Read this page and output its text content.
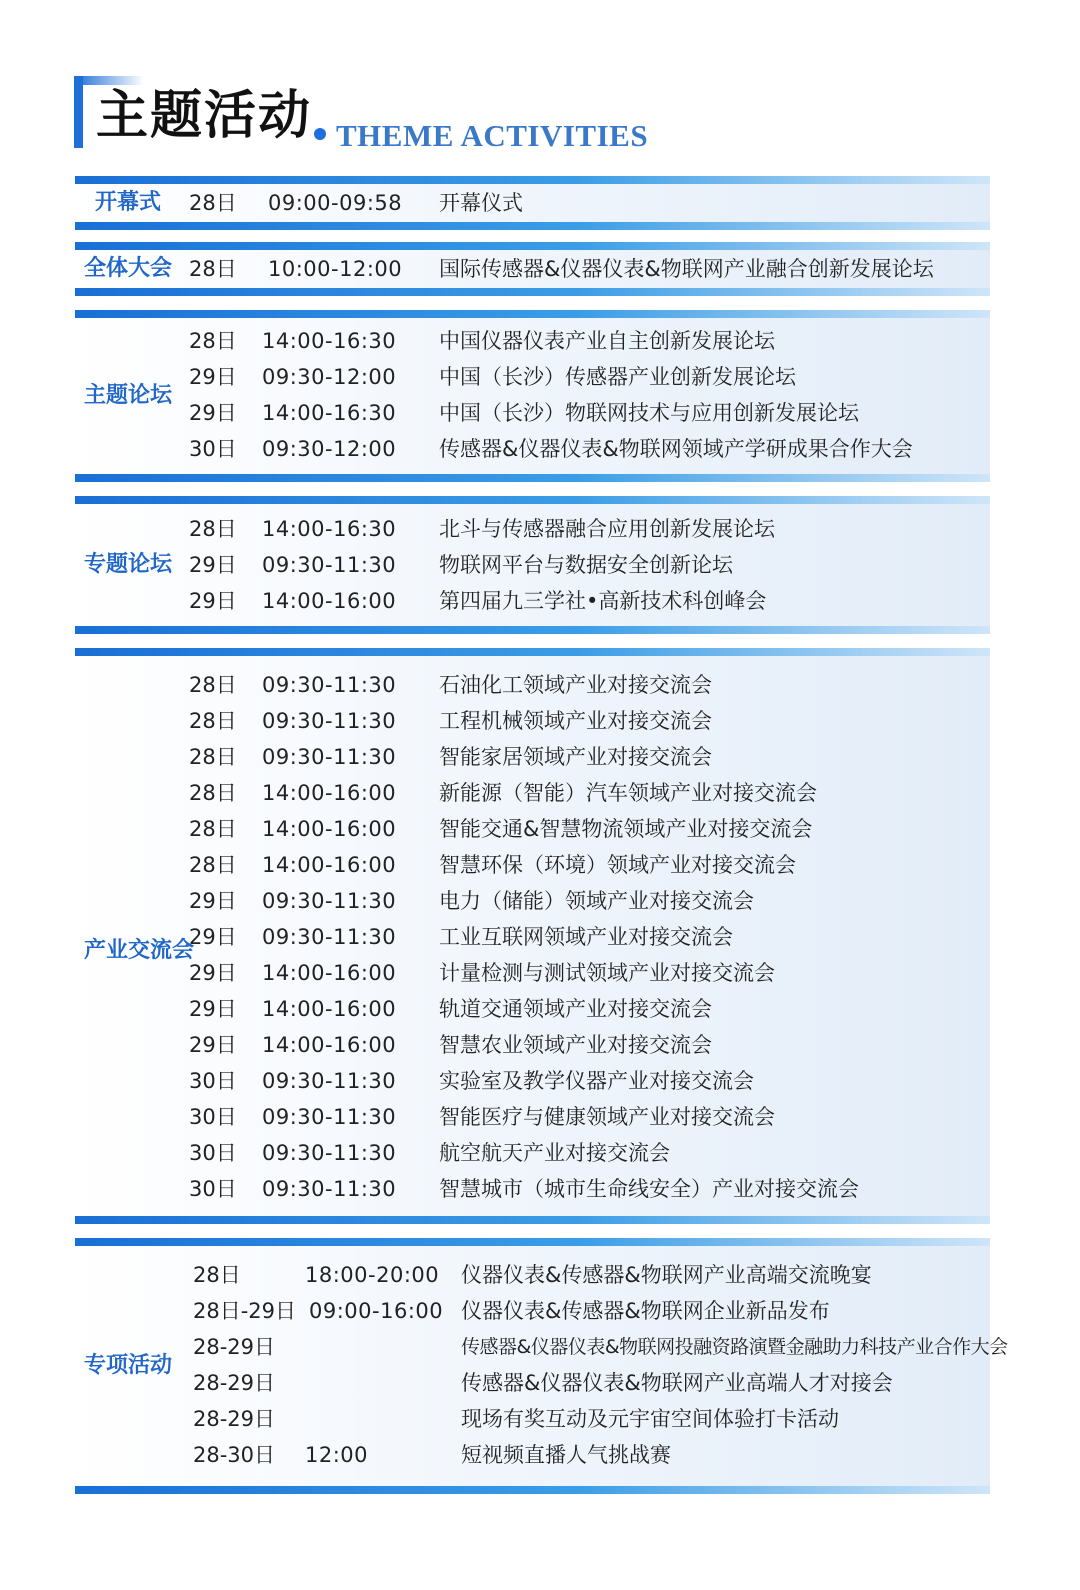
主题活动 THEME ACTIVITIES
开幕式 28日 09:00-09:58 开幕仪式
全体大会 28日 10:00-12:00 国际传感器&仪器仪表&物联网产业融合创新发展论坛
主题论坛
28日 14:00-16:30 中国仪器仪表产业自主创新发展论坛
29日 09:30-12:00 中国（长沙）传感器产业创新发展论坛
29日 14:00-16:30 中国（长沙）物联网技术与应用创新发展论坛
30日 09:30-12:00 传感器&仪器仪表&物联网领域产学研成果合作大会
专题论坛
28日 14:00-16:30 北斗与传感器融合应用创新发展论坛
29日 09:30-11:30 物联网平台与数据安全创新论坛
29日 14:00-16:00 第四届九三学社•高新技术科创峰会
产业交流会
28日 09:30-11:30 石油化工领域产业对接交流会
28日 09:30-11:30 工程机械领域产业对接交流会
28日 09:30-11:30 智能家居领域产业对接交流会
28日 14:00-16:00 新能源（智能）汽车领域产业对接交流会
28日 14:00-16:00 智能交通&智慧物流领域产业对接交流会
28日 14:00-16:00 智慧环保（环境）领域产业对接交流会
29日 09:30-11:30 电力（储能）领域产业对接交流会
29日 09:30-11:30 工业互联网领域产业对接交流会
29日 14:00-16:00 计量检测与测试领域产业对接交流会
29日 14:00-16:00 轨道交通领域产业对接交流会
29日 14:00-16:00 智慧农业领域产业对接交流会
30日 09:30-11:30 实验室及教学仪器产业对接交流会
30日 09:30-11:30 智能医疗与健康领域产业对接交流会
30日 09:30-11:30 航空航天产业对接交流会
30日 09:30-11:30 智慧城市（城市生命线安全）产业对接交流会
专项活动
28日	18:00-20:00 仪器仪表&传感器&物联网产业高端交流晚宴
28日-29日 09:00-16:00 仪器仪表&传感器&物联网企业新品发布
28-29日	传感器&仪器仪表&物联网投融资路演暨金融助力科技产业合作大会
28-29日	传感器&仪器仪表&物联网产业高端人才对接会
28-29日	现场有奖互动及元宇宙空间体验打卡活动
28-30日 12:00	短视频直播人气挑战赛
